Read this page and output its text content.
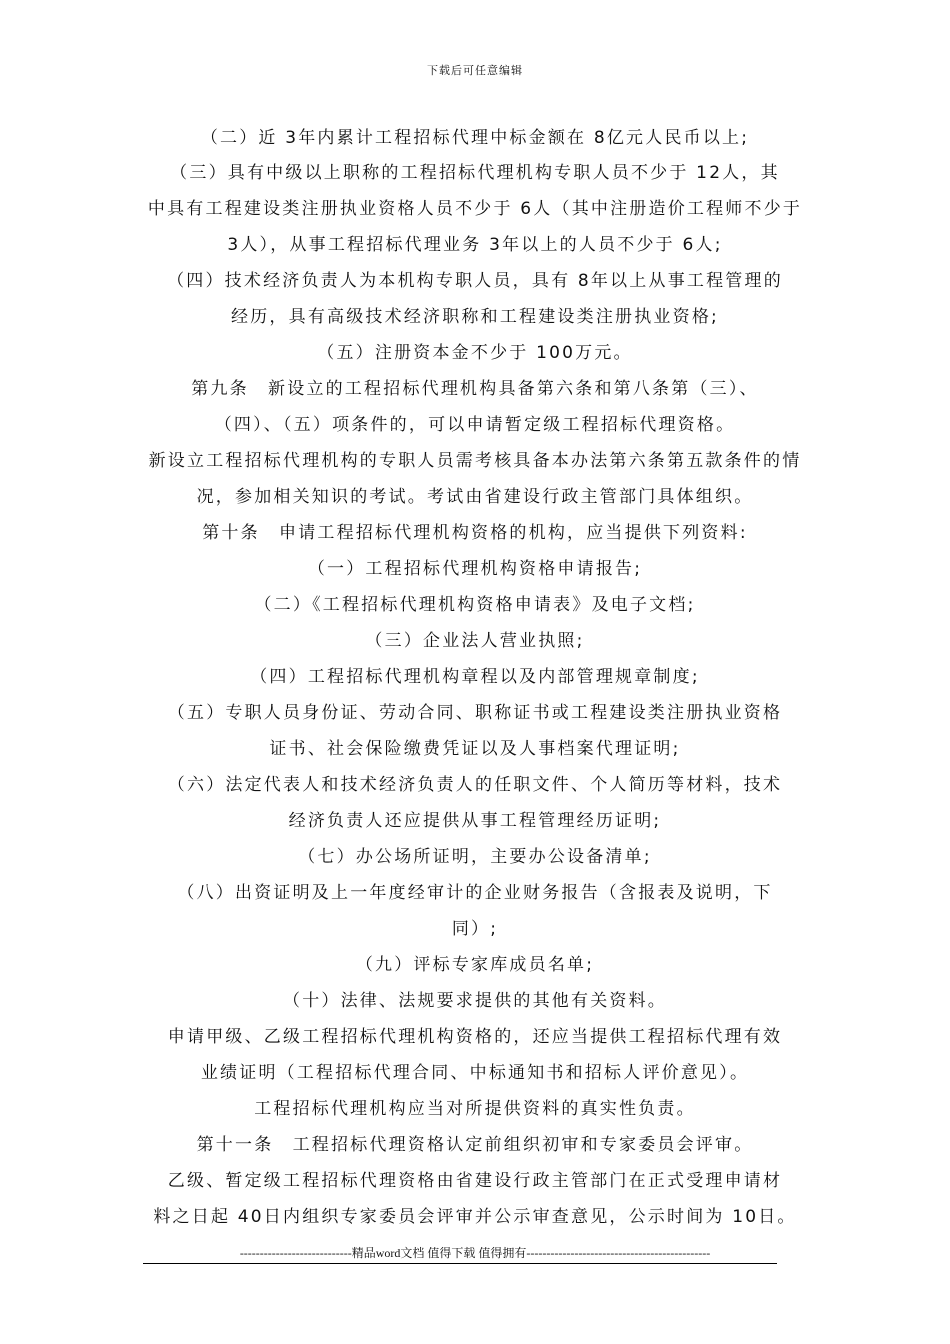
下载后可任意编辑
（二）近 3年内累计工程招标代理中标金额在 8亿元人民币以上;
（三）具有中级以上职称的工程招标代理机构专职人员不少于 12人，其
中具有工程建设类注册执业资格人员不少于 6人（其中注册造价工程师不少于
3人），从事工程招标代理业务 3年以上的人员不少于 6人;
（四）技术经济负责人为本机构专职人员，具有 8年以上从事工程管理的
经历，具有高级技术经济职称和工程建设类注册执业资格;
（五）注册资本金不少于 100万元。
第九条　新设立的工程招标代理机构具备第六条和第八条第（三）、
（四）、（五）项条件的，可以申请暂定级工程招标代理资格。
新设立工程招标代理机构的专职人员需考核具备本办法第六条第五款条件的情
况，参加相关知识的考试。考试由省建设行政主管部门具体组织。
第十条　申请工程招标代理机构资格的机构，应当提供下列资料:
（一）工程招标代理机构资格申请报告;
（二）《工程招标代理机构资格申请表》及电子文档;
（三）企业法人营业执照;
（四）工程招标代理机构章程以及内部管理规章制度;
（五）专职人员身份证、劳动合同、职称证书或工程建设类注册执业资格
证书、社会保险缴费凭证以及人事档案代理证明;
（六）法定代表人和技术经济负责人的任职文件、个人简历等材料，技术
经济负责人还应提供从事工程管理经历证明;
（七）办公场所证明，主要办公设备清单;
（八）出资证明及上一年度经审计的企业财务报告（含报表及说明，下
同）;
（九）评标专家库成员名单;
（十）法律、法规要求提供的其他有关资料。
申请甲级、乙级工程招标代理机构资格的，还应当提供工程招标代理有效
业绩证明（工程招标代理合同、中标通知书和招标人评价意见）。
工程招标代理机构应当对所提供资料的真实性负责。
第十一条　工程招标代理资格认定前组织初审和专家委员会评审。
乙级、暂定级工程招标代理资格由省建设行政主管部门在正式受理申请材
料之日起 40日内组织专家委员会评审并公示审查意见，公示时间为 10日。
----------------------------精品word文档 值得下载 值得拥有----------------------------------------------
